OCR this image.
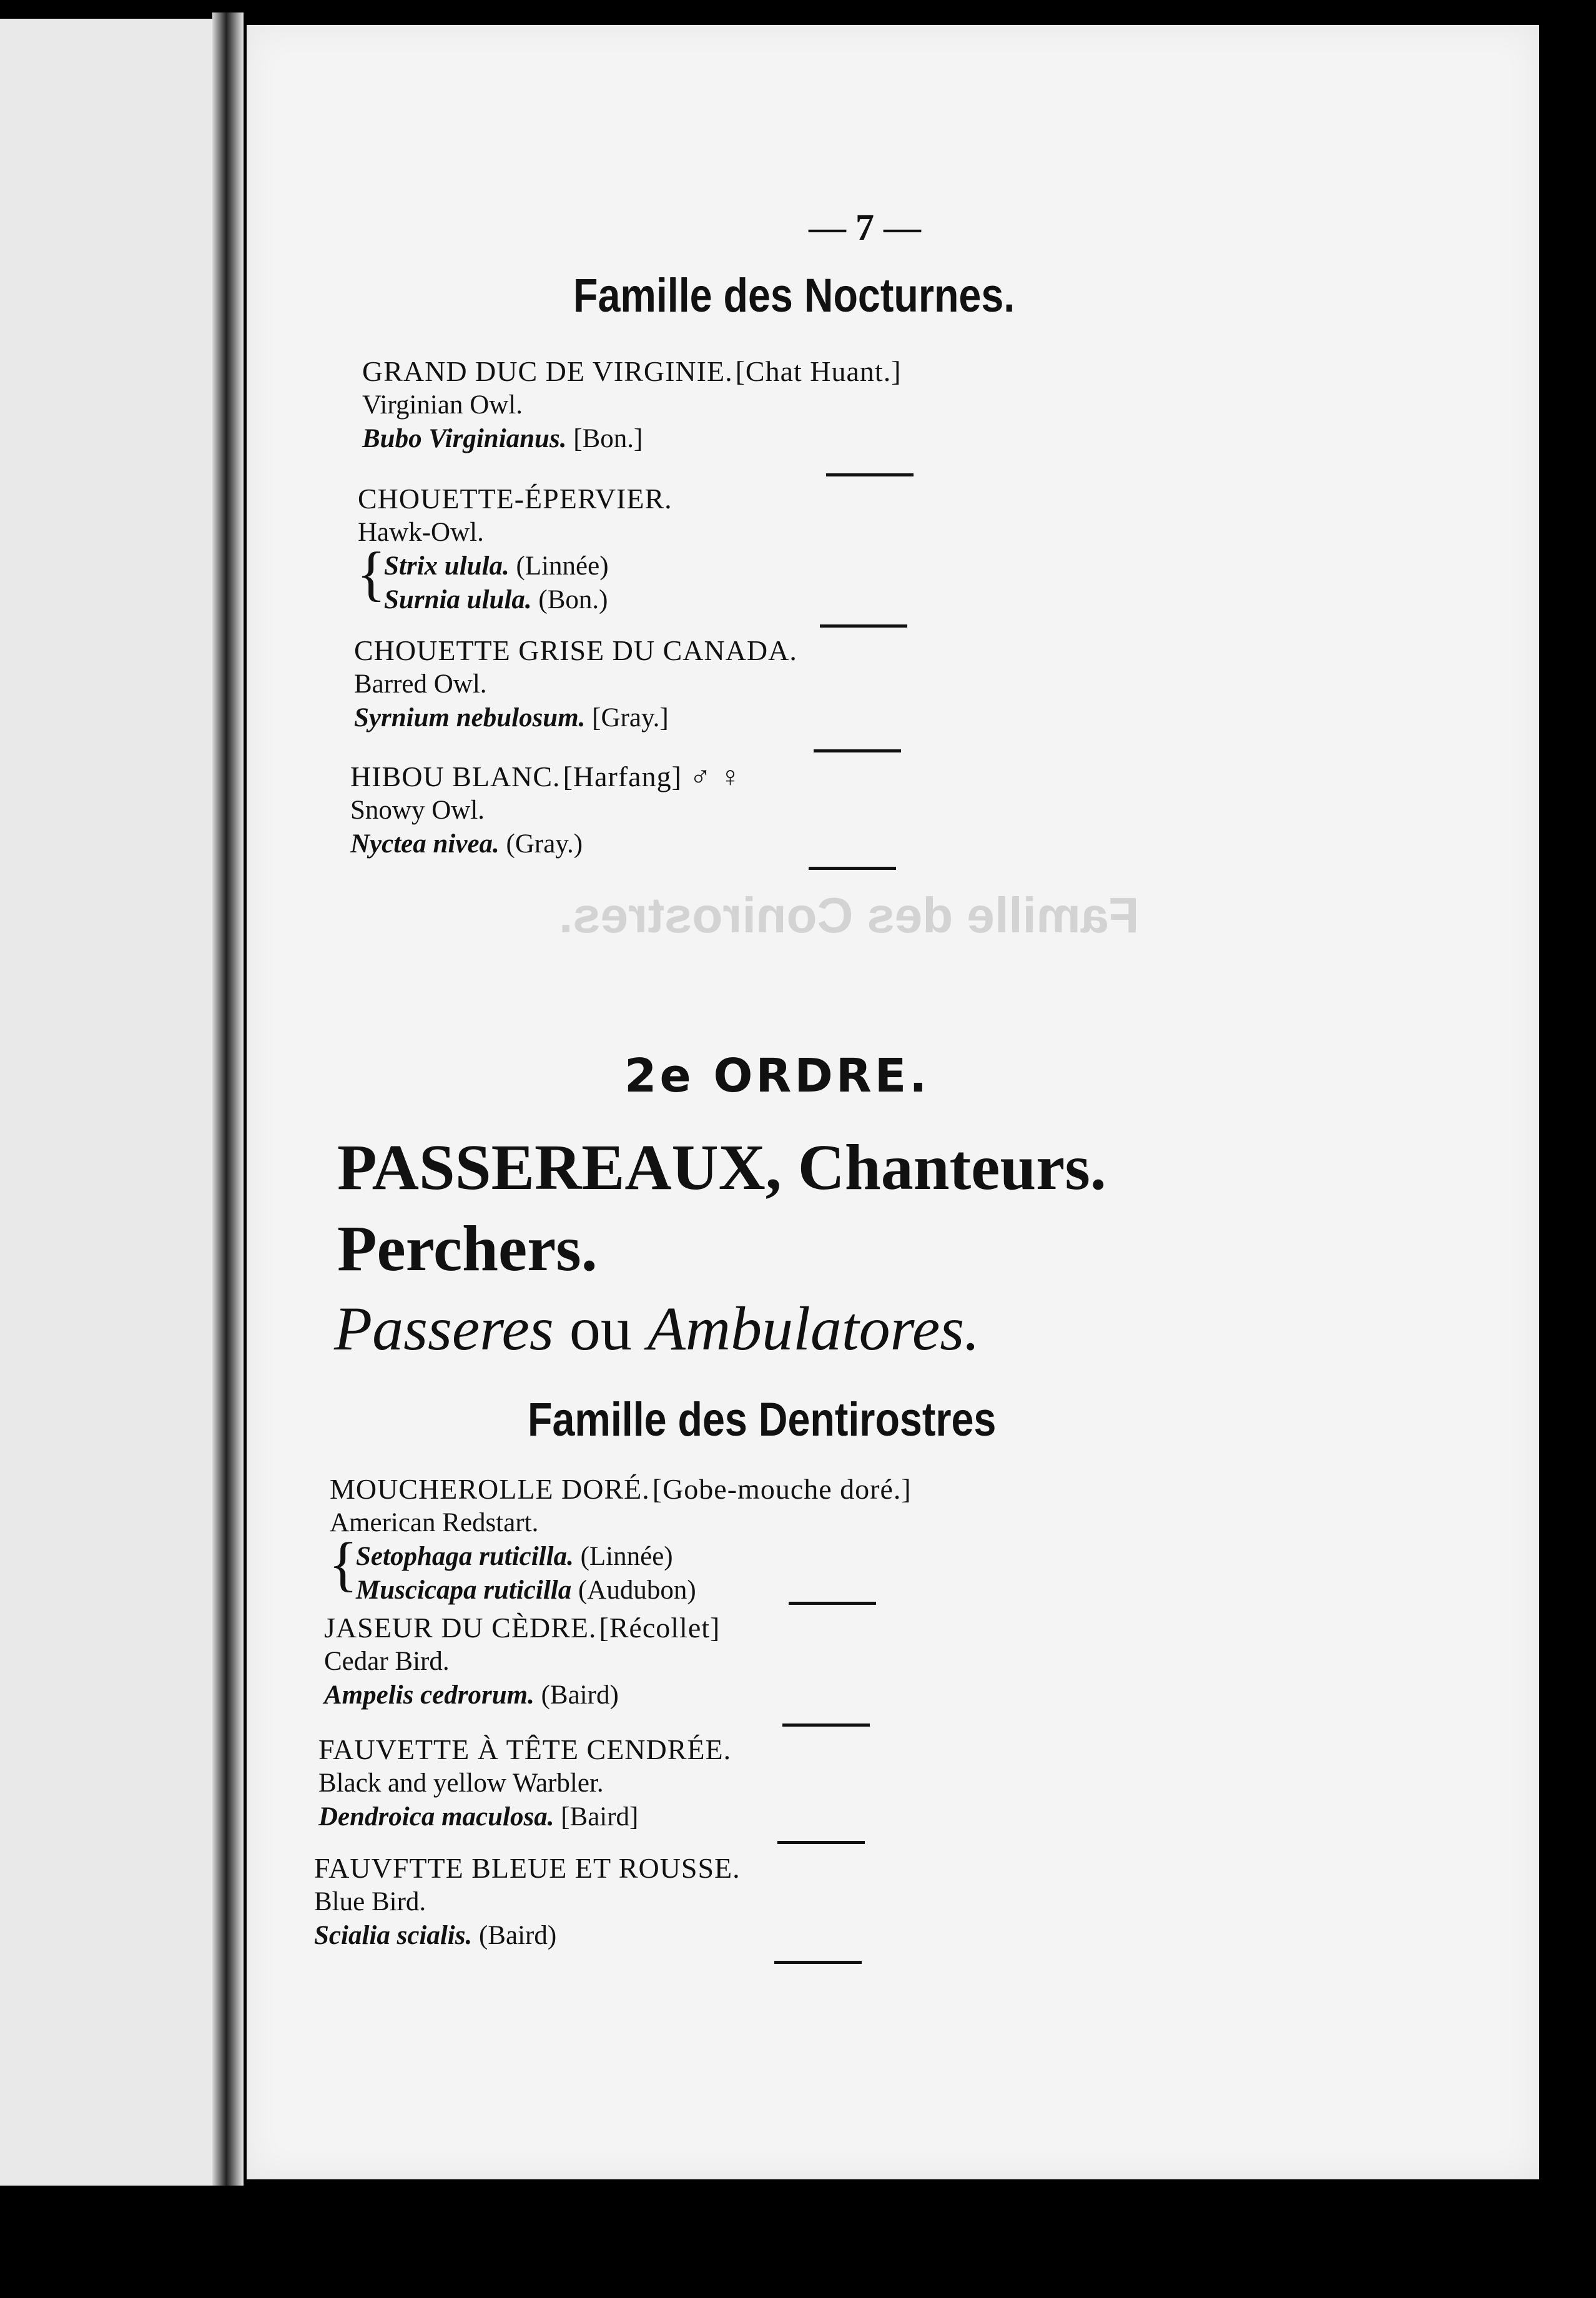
Famille des Conirostres.
— 7 —
Famille des Nocturnes.
GRAND DUC DE VIRGINIE. [Chat Huant.]
Virginian Owl.
Bubo Virginianus. [Bon.]
CHOUETTE-ÉPERVIER.
Hawk-Owl.
{
Strix ulula. (Linnée)
Surnia ulula. (Bon.)
CHOUETTE GRISE DU CANADA.
Barred Owl.
Syrnium nebulosum. [Gray.]
HIBOU BLANC. [Harfang] ♂ ♀
Snowy Owl.
Nyctea nivea. (Gray.)
2e ORDRE.
PASSEREAUX, Chanteurs.
Perchers.
Passeres ou Ambulatores.
Famille des Dentirostres
MOUCHEROLLE DORÉ. [Gobe-mouche doré.]
American Redstart.
{
Setophaga ruticilla. (Linnée)
Muscicapa ruticilla (Audubon)
JASEUR DU CÈDRE. [Récollet]
Cedar Bird.
Ampelis cedrorum. (Baird)
FAUVETTE À TÊTE CENDRÉE.
Black and yellow Warbler.
Dendroica maculosa. [Baird]
FAUVFTTE BLEUE ET ROUSSE.
Blue Bird.
Scialia scialis. (Baird)
